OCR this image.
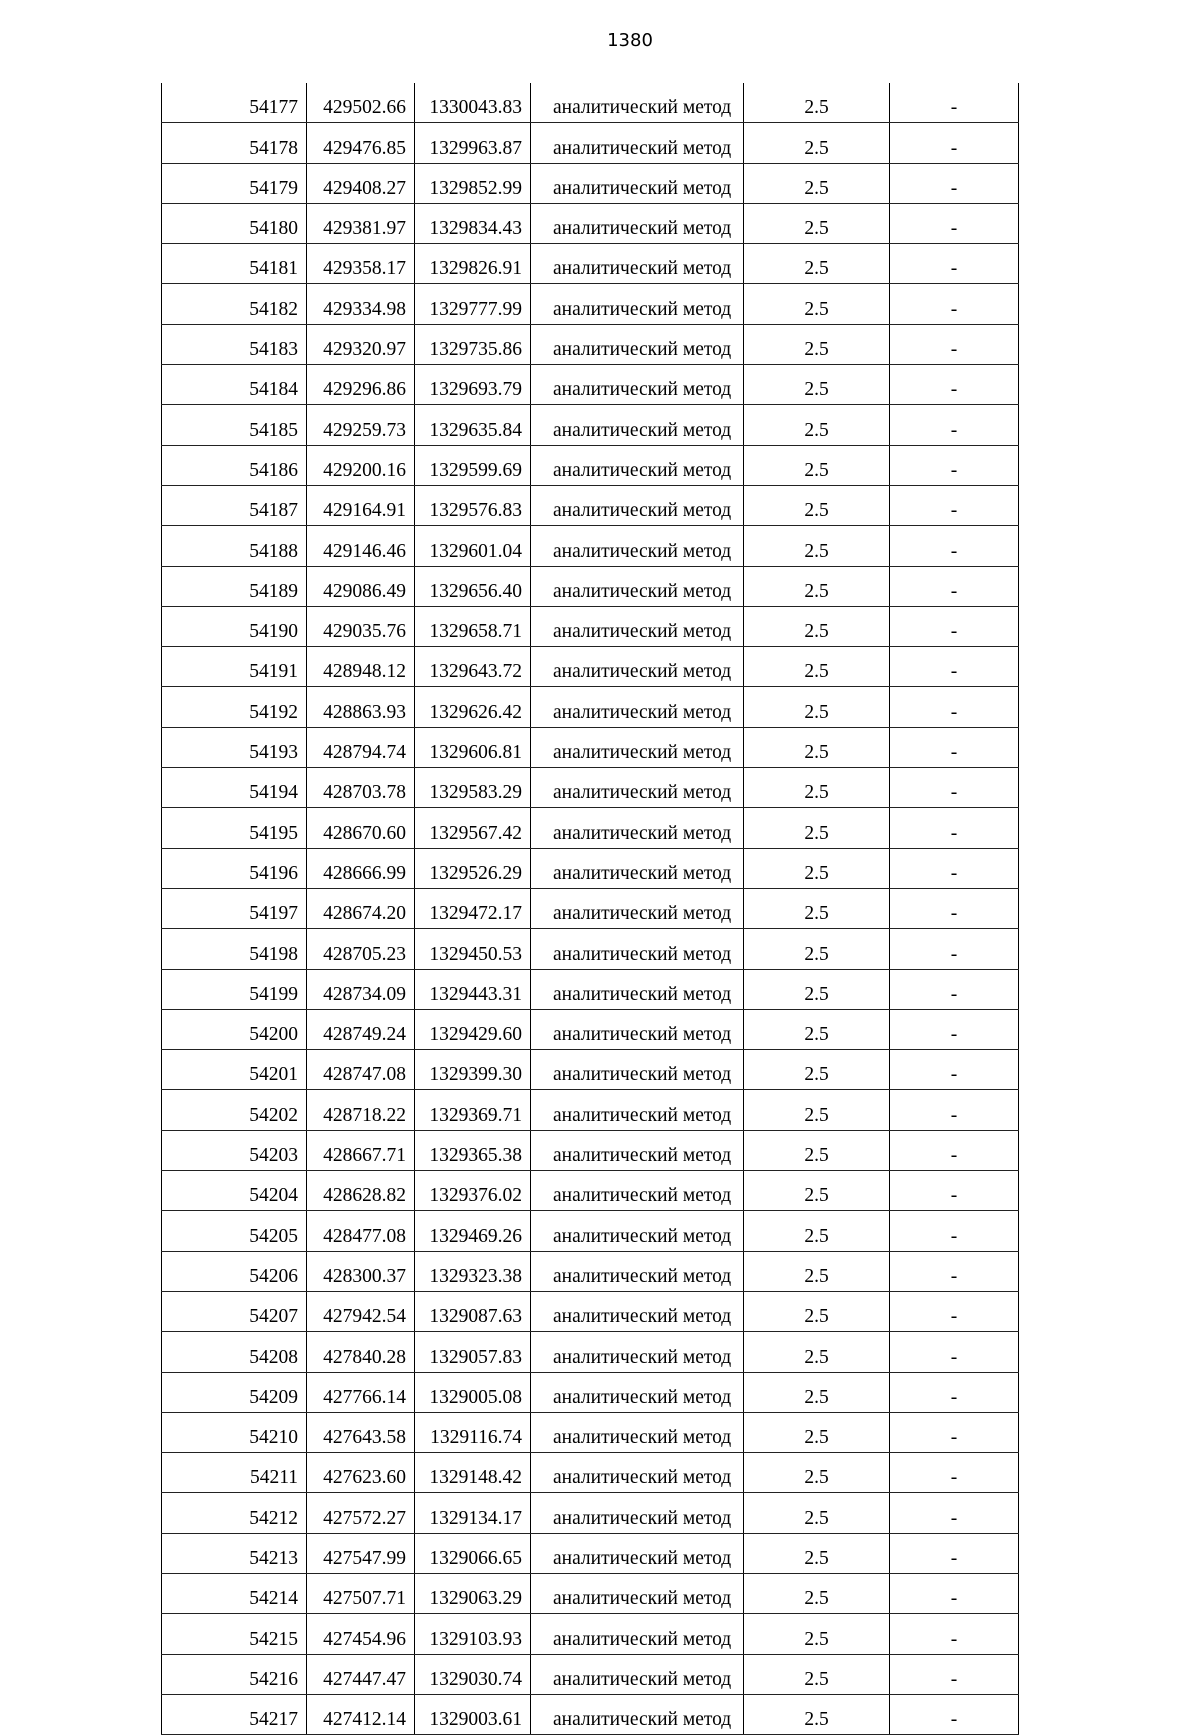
1380
54177	429502.66	1330043.83	аналитический метод	2.5	-
54178	429476.85	1329963.87	аналитический метод	2.5	-
54179	429408.27	1329852.99	аналитический метод	2.5	-
54180	429381.97	1329834.43	аналитический метод	2.5	-
54181	429358.17	1329826.91	аналитический метод	2.5	-
54182	429334.98	1329777.99	аналитический метод	2.5	-
54183	429320.97	1329735.86	аналитический метод	2.5	-
54184	429296.86	1329693.79	аналитический метод	2.5	-
54185	429259.73	1329635.84	аналитический метод	2.5	-
54186	429200.16	1329599.69	аналитический метод	2.5	-
54187	429164.91	1329576.83	аналитический метод	2.5	-
54188	429146.46	1329601.04	аналитический метод	2.5	-
54189	429086.49	1329656.40	аналитический метод	2.5	-
54190	429035.76	1329658.71	аналитический метод	2.5	-
54191	428948.12	1329643.72	аналитический метод	2.5	-
54192	428863.93	1329626.42	аналитический метод	2.5	-
54193	428794.74	1329606.81	аналитический метод	2.5	-
54194	428703.78	1329583.29	аналитический метод	2.5	-
54195	428670.60	1329567.42	аналитический метод	2.5	-
54196	428666.99	1329526.29	аналитический метод	2.5	-
54197	428674.20	1329472.17	аналитический метод	2.5	-
54198	428705.23	1329450.53	аналитический метод	2.5	-
54199	428734.09	1329443.31	аналитический метод	2.5	-
54200	428749.24	1329429.60	аналитический метод	2.5	-
54201	428747.08	1329399.30	аналитический метод	2.5	-
54202	428718.22	1329369.71	аналитический метод	2.5	-
54203	428667.71	1329365.38	аналитический метод	2.5	-
54204	428628.82	1329376.02	аналитический метод	2.5	-
54205	428477.08	1329469.26	аналитический метод	2.5	-
54206	428300.37	1329323.38	аналитический метод	2.5	-
54207	427942.54	1329087.63	аналитический метод	2.5	-
54208	427840.28	1329057.83	аналитический метод	2.5	-
54209	427766.14	1329005.08	аналитический метод	2.5	-
54210	427643.58	1329116.74	аналитический метод	2.5	-
54211	427623.60	1329148.42	аналитический метод	2.5	-
54212	427572.27	1329134.17	аналитический метод	2.5	-
54213	427547.99	1329066.65	аналитический метод	2.5	-
54214	427507.71	1329063.29	аналитический метод	2.5	-
54215	427454.96	1329103.93	аналитический метод	2.5	-
54216	427447.47	1329030.74	аналитический метод	2.5	-
54217	427412.14	1329003.61	аналитический метод	2.5	-
